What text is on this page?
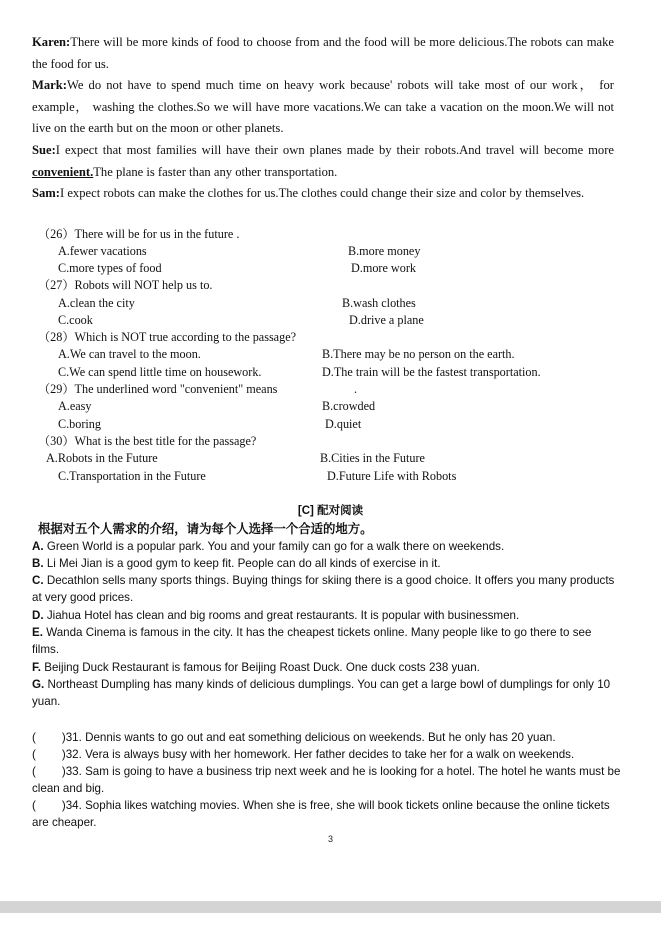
Karen:There will be more kinds of food to choose from and the food will be more delicious.The robots can make the food for us.

Mark:We do not have to spend much time on heavy work because' robots will take most of our work， for example， washing the clothes.So we will have more vacations.We can take a vacation on the moon.We will not live on the earth but on the moon or other planets.

Sue:I expect that most families will have their own planes made by their robots.And travel will become more convenient.The plane is faster than any other transportation.

Sam:I expect robots can make the clothes for us.The clothes could change their size and color by themselves.

（26）There will be for us in the future .
A.fewer vacations	B.more money
C.more types of food	D.more work
（27）Robots will NOT help us to.
A.clean the city	B.wash clothes
C.cook	D.drive a plane
（28）Which is NOT true according to the passage?
A.We can travel to the moon.	B.There may be no person on the earth.
C.We can spend little time on housework.	D.The train will be the fastest transportation.
（29）The underlined word "convenient" means	.
A.easy	B.crowded
C.boring	D.quiet
（30）What is the best title for the passage?
A.Robots in the Future	B.Cities in the Future
C.Transportation in the Future	D.Future Life with Robots
[C] 配对阅读
根据对五个人需求的介绍，请为每个人选择一个合适的地方。

A. Green World is a popular park. You and your family can go for a walk there on weekends.

B. Li Mei Jian is a good gym to keep fit. People can do all kinds of exercise in it.

C. Decathlon sells many sports things. Buying things for skiing there is a good choice. It offers you many products at very good prices.

D. Jiahua Hotel has clean and big rooms and great restaurants. It is popular with businessmen.

E. Wanda Cinema is famous in the city. It has the cheapest tickets online. Many people like to go there to see films.

F. Beijing Duck Restaurant is famous for Beijing Roast Duck. One duck costs 238 yuan.

G. Northeast Dumpling has many kinds of delicious dumplings. You can get a large bowl of dumplings for only 10 yuan.

( )31. Dennis wants to go out and eat something delicious on weekends. But he only has 20 yuan.

( )32. Vera is always busy with her homework. Her father decides to take her for a walk on weekends.

( )33. Sam is going to have a business trip next week and he is looking for a hotel. The hotel he wants must be clean and big.

( )34. Sophia likes watching movies. When she is free, she will book tickets online because the online tickets are cheaper.

3
